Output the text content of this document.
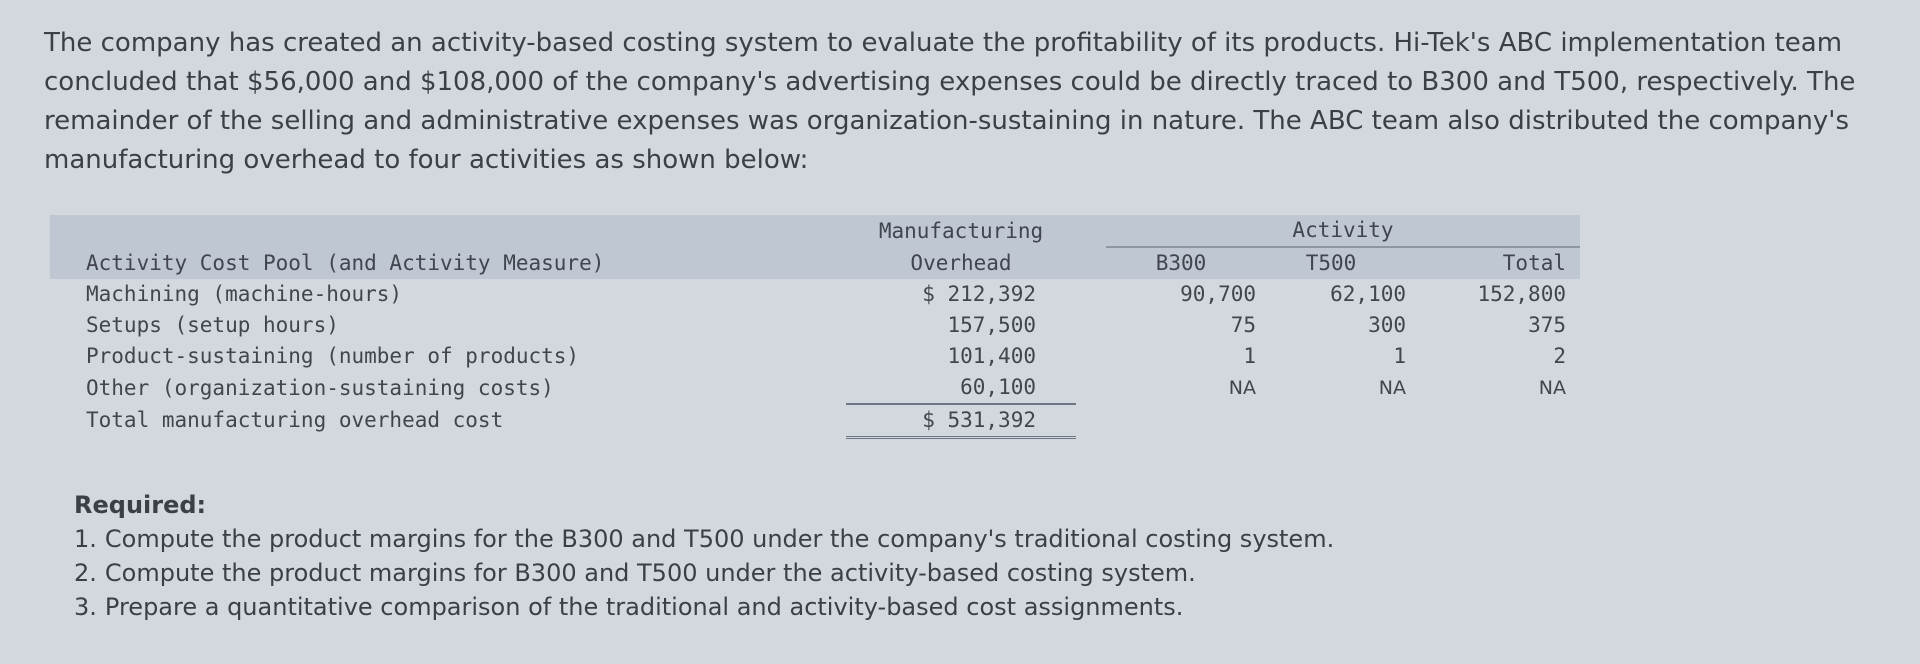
The company has created an activity-based costing system to evaluate the profitability of its products. Hi-Tek's ABC implementation team concluded that $56,000 and $108,000 of the company's advertising expenses could be directly traced to B300 and T500, respectively. The remainder of the selling and administrative expenses was organization-sustaining in nature. The ABC team also distributed the company's manufacturing overhead to four activities as shown below:

	Manufacturing		Activity		
Activity Cost Pool (and Activity Measure)	Overhead		B300	T500	Total
Machining (machine-hours)	$ 212,392		90,700	62,100	152,800
Setups (setup hours)	157,500		75	300	375
Product-sustaining (number of products)	101,400		1	1	2
Other (organization-sustaining costs)	60,100		NA	NA	NA
Total manufacturing overhead cost	$ 531,392				
Required:
1. Compute the product margins for the B300 and T500 under the company's traditional costing system.
2. Compute the product margins for B300 and T500 under the activity-based costing system.
3. Prepare a quantitative comparison of the traditional and activity-based cost assignments.
